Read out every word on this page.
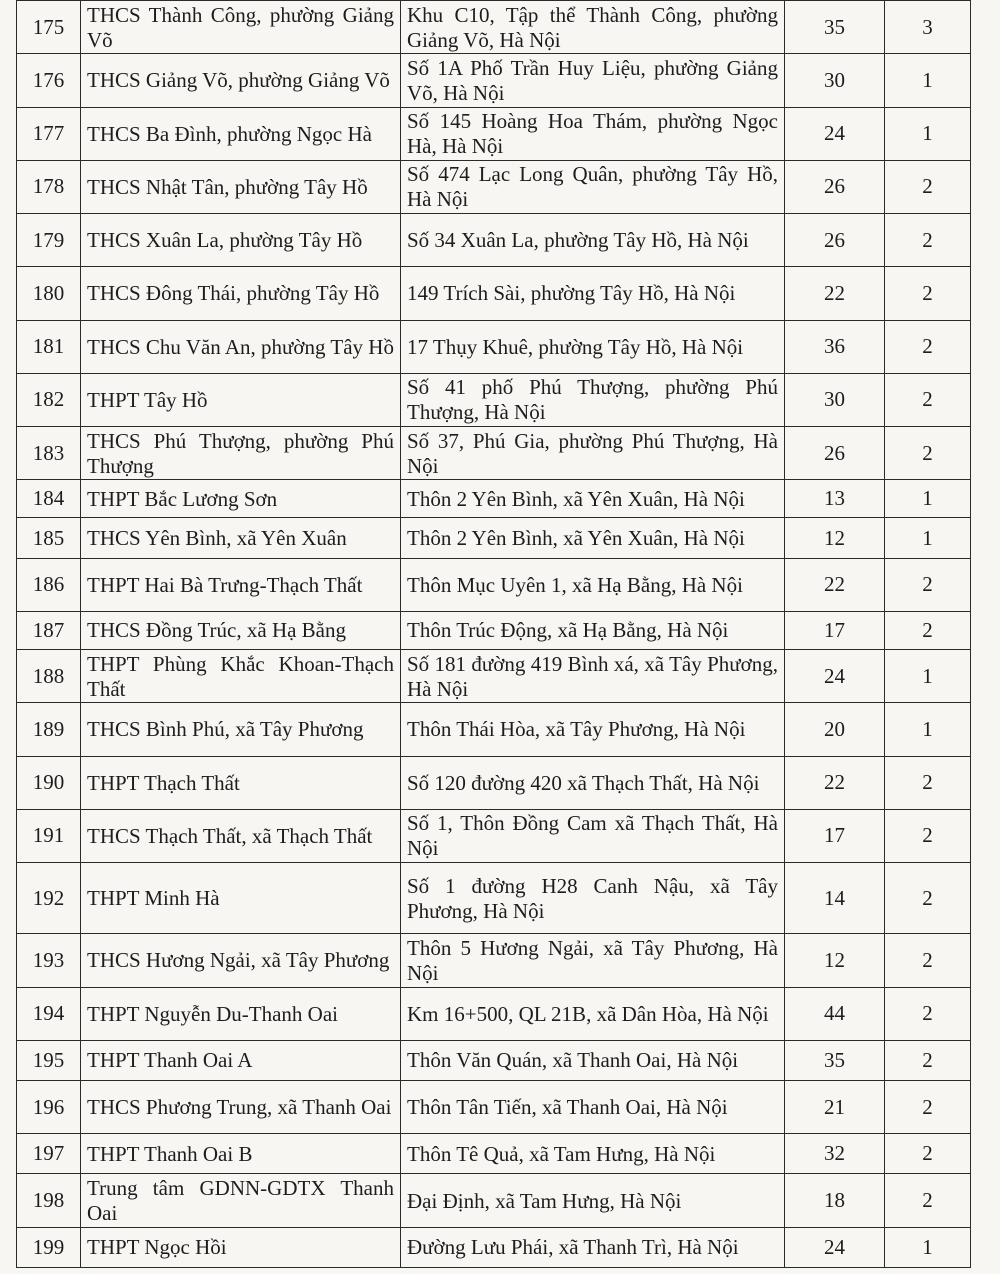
175	THCS Thành Công, phường Giảng Võ	Khu C10, Tập thể Thành Công, phường Giảng Võ, Hà Nội	35	3
176	THCS Giảng Võ, phường Giảng Võ	Số 1A Phố Trần Huy Liệu, phường Giảng Võ, Hà Nội	30	1
177	THCS Ba Đình, phường Ngọc Hà	Số 145 Hoàng Hoa Thám, phường Ngọc Hà, Hà Nội	24	1
178	THCS Nhật Tân, phường Tây Hồ	Số 474 Lạc Long Quân, phường Tây Hồ, Hà Nội	26	2
179	THCS Xuân La, phường Tây Hồ	Số 34 Xuân La, phường Tây Hồ, Hà Nội	26	2
180	THCS Đông Thái, phường Tây Hồ	149 Trích Sài, phường Tây Hồ, Hà Nội	22	2
181	THCS Chu Văn An, phường Tây Hồ	17 Thụy Khuê, phường Tây Hồ, Hà Nội	36	2
182	THPT Tây Hồ	Số 41 phố Phú Thượng, phường Phú Thượng, Hà Nội	30	2
183	THCS Phú Thượng, phường Phú Thượng	Số 37, Phú Gia, phường Phú Thượng, Hà Nội	26	2
184	THPT Bắc Lương Sơn	Thôn 2 Yên Bình, xã Yên Xuân, Hà Nội	13	1
185	THCS Yên Bình, xã Yên Xuân	Thôn 2 Yên Bình, xã Yên Xuân, Hà Nội	12	1
186	THPT Hai Bà Trưng-Thạch Thất	Thôn Mục Uyên 1, xã Hạ Bằng, Hà Nội	22	2
187	THCS Đồng Trúc, xã Hạ Bằng	Thôn Trúc Động, xã Hạ Bằng, Hà Nội	17	2
188	THPT Phùng Khắc Khoan-Thạch Thất	Số 181 đường 419 Bình xá, xã Tây Phương, Hà Nội	24	1
189	THCS Bình Phú, xã Tây Phương	Thôn Thái Hòa, xã Tây Phương, Hà Nội	20	1
190	THPT Thạch Thất	Số 120 đường 420 xã Thạch Thất, Hà Nội	22	2
191	THCS Thạch Thất, xã Thạch Thất	Số 1, Thôn Đồng Cam xã Thạch Thất, Hà Nội	17	2
192	THPT Minh Hà	Số 1 đường H28 Canh Nậu, xã Tây Phương, Hà Nội	14	2
193	THCS Hương Ngải, xã Tây Phương	Thôn 5 Hương Ngải, xã Tây Phương, Hà Nội	12	2
194	THPT Nguyễn Du-Thanh Oai	Km 16+500, QL 21B, xã Dân Hòa, Hà Nội	44	2
195	THPT Thanh Oai A	Thôn Văn Quán, xã Thanh Oai, Hà Nội	35	2
196	THCS Phương Trung, xã Thanh Oai	Thôn Tân Tiến, xã Thanh Oai, Hà Nội	21	2
197	THPT Thanh Oai B	Thôn Tê Quả, xã Tam Hưng, Hà Nội	32	2
198	Trung tâm GDNN-GDTX Thanh Oai	Đại Định, xã Tam Hưng, Hà Nội	18	2
199	THPT Ngọc Hồi	Đường Lưu Phái, xã Thanh Trì, Hà Nội	24	1
